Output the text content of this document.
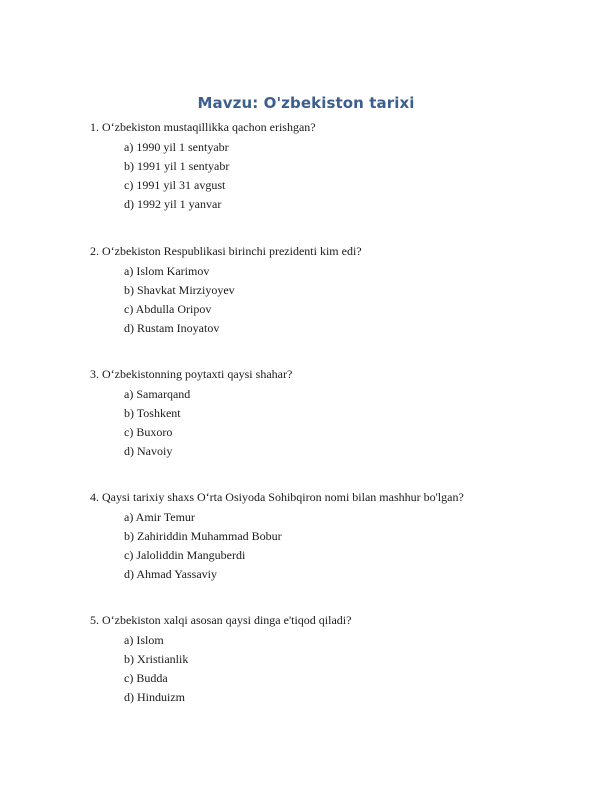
Mavzu: O'zbekiston tarixi

1. O‘zbekiston mustaqillikka qachon erishgan?

a) 1990 yil 1 sentyabr
b) 1991 yil 1 sentyabr
c) 1991 yil 31 avgust
d) 1992 yil 1 yanvar

2. O‘zbekiston Respublikasi birinchi prezidenti kim edi?

a) Islom Karimov
b) Shavkat Mirziyoyev
c) Abdulla Oripov
d) Rustam Inoyatov

3. O‘zbekistonning poytaxti qaysi shahar?

a) Samarqand
b) Toshkent
c) Buxoro
d) Navoiy

4. Qaysi tarixiy shaxs O‘rta Osiyoda Sohibqiron nomi bilan mashhur bo'lgan?

a) Amir Temur
b) Zahiriddin Muhammad Bobur
c) Jaloliddin Manguberdi
d) Ahmad Yassaviy

5. O‘zbekiston xalqi asosan qaysi dinga e'tiqod qiladi?

a) Islom
b) Xristianlik
c) Budda
d) Hinduizm
